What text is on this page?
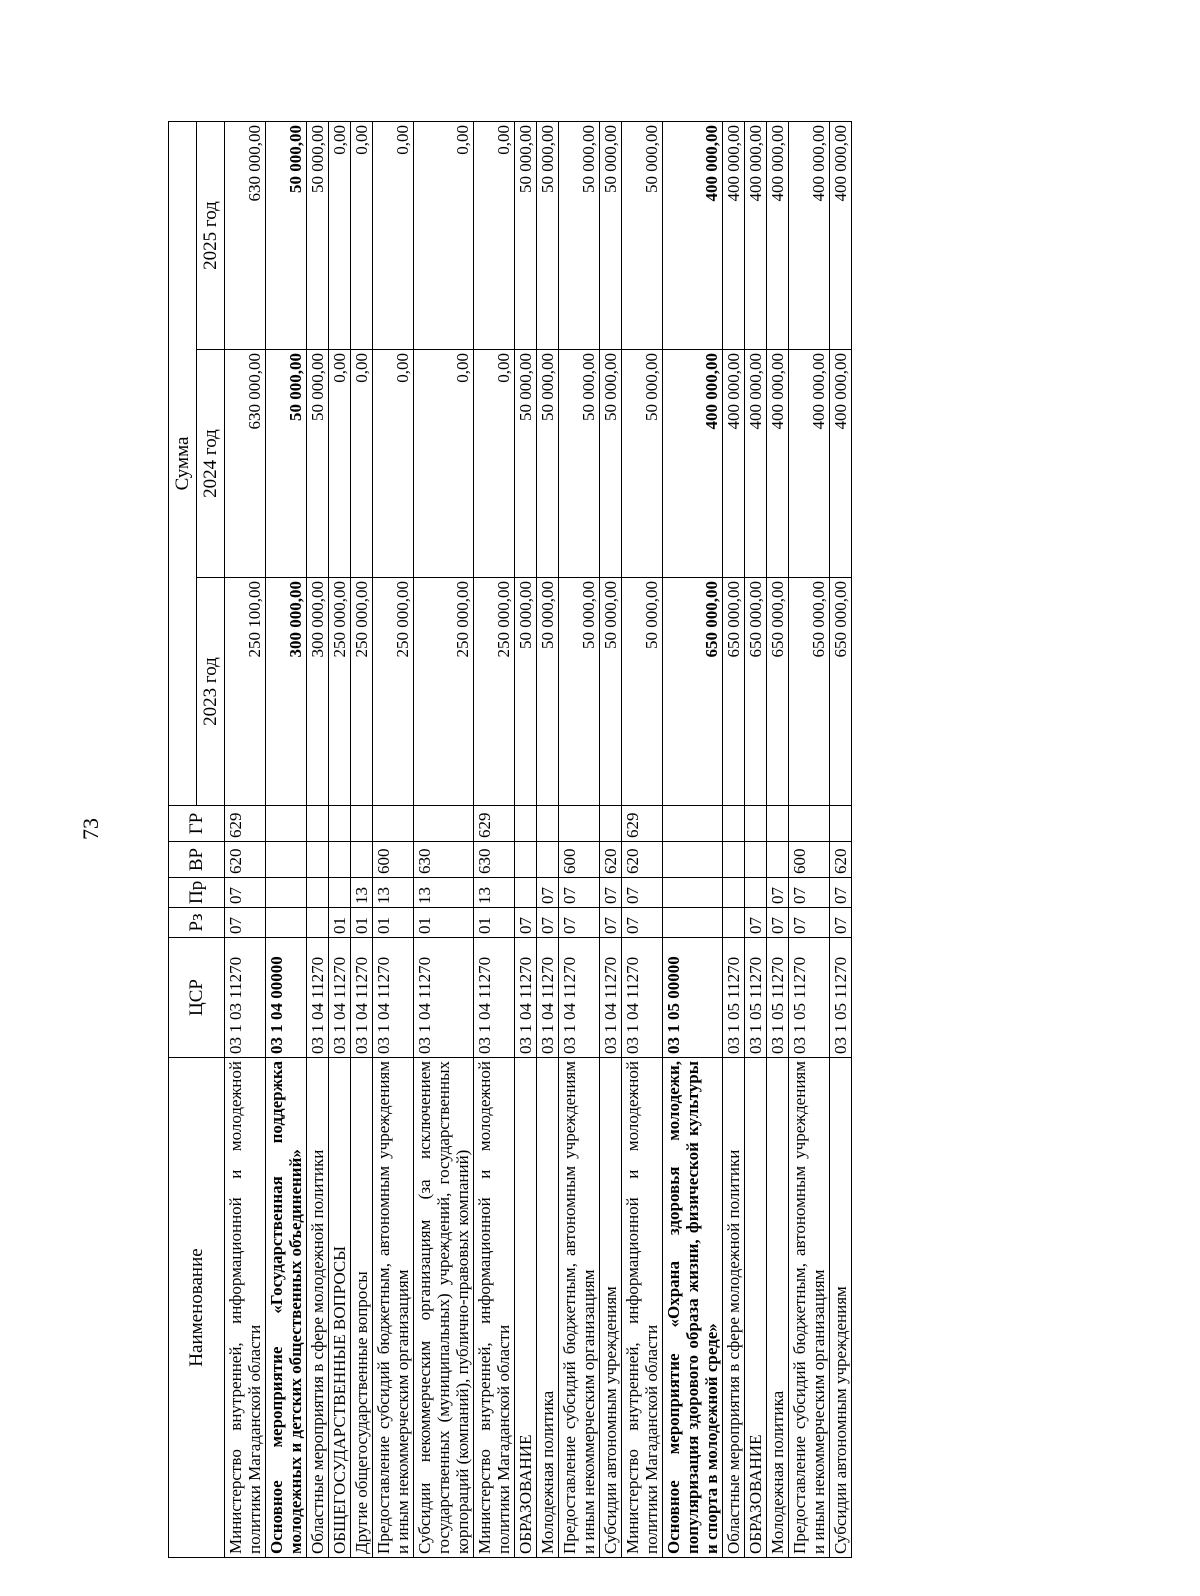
73
Наименование	ЦСР	Рз	Пр	ВР	ГР	Сумма		
						2023 год	2024 год	2025 год
Министерство внутренней, информационной и молодежной политики Магаданской области	03 1 03 11270	07	07	620	629	250 100,00	630 000,00	630 000,00
Основное мероприятие «Государственная поддержка молодежных и детских общественных объединений»	03 1 04 00000					300 000,00	50 000,00	50 000,00
Областные мероприятия в сфере молодежной политики	03 1 04 11270					300 000,00	50 000,00	50 000,00
ОБЩЕГОСУДАРСТВЕННЫЕ ВОПРОСЫ	03 1 04 11270	01				250 000,00	0,00	0,00
Другие общегосударственные вопросы	03 1 04 11270	01	13			250 000,00	0,00	0,00
Предоставление субсидий бюджетным, автономным учреждениям и иным некоммерческим организациям	03 1 04 11270	01	13	600		250 000,00	0,00	0,00
Субсидии некоммерческим организациям (за исключением государственных (муниципальных) учреждений, государственных корпораций (компаний), публично-правовых компаний)	03 1 04 11270	01	13	630		250 000,00	0,00	0,00
Министерство внутренней, информационной и молодежной политики Магаданской области	03 1 04 11270	01	13	630	629	250 000,00	0,00	0,00
ОБРАЗОВАНИЕ	03 1 04 11270	07				50 000,00	50 000,00	50 000,00
Молодежная политика	03 1 04 11270	07	07			50 000,00	50 000,00	50 000,00
Предоставление субсидий бюджетным, автономным учреждениям и иным некоммерческим организациям	03 1 04 11270	07	07	600		50 000,00	50 000,00	50 000,00
Субсидии автономным учреждениям	03 1 04 11270	07	07	620		50 000,00	50 000,00	50 000,00
Министерство внутренней, информационной и молодежной политики Магаданской области	03 1 04 11270	07	07	620	629	50 000,00	50 000,00	50 000,00
Основное мероприятие «Охрана здоровья молодежи, популяризация здорового образа жизни, физической культуры и спорта в молодежной среде»	03 1 05 00000					650 000,00	400 000,00	400 000,00
Областные мероприятия в сфере молодежной политики	03 1 05 11270					650 000,00	400 000,00	400 000,00
ОБРАЗОВАНИЕ	03 1 05 11270	07				650 000,00	400 000,00	400 000,00
Молодежная политика	03 1 05 11270	07	07			650 000,00	400 000,00	400 000,00
Предоставление субсидий бюджетным, автономным учреждениям и иным некоммерческим организациям	03 1 05 11270	07	07	600		650 000,00	400 000,00	400 000,00
Субсидии автономным учреждениям	03 1 05 11270	07	07	620		650 000,00	400 000,00	400 000,00
